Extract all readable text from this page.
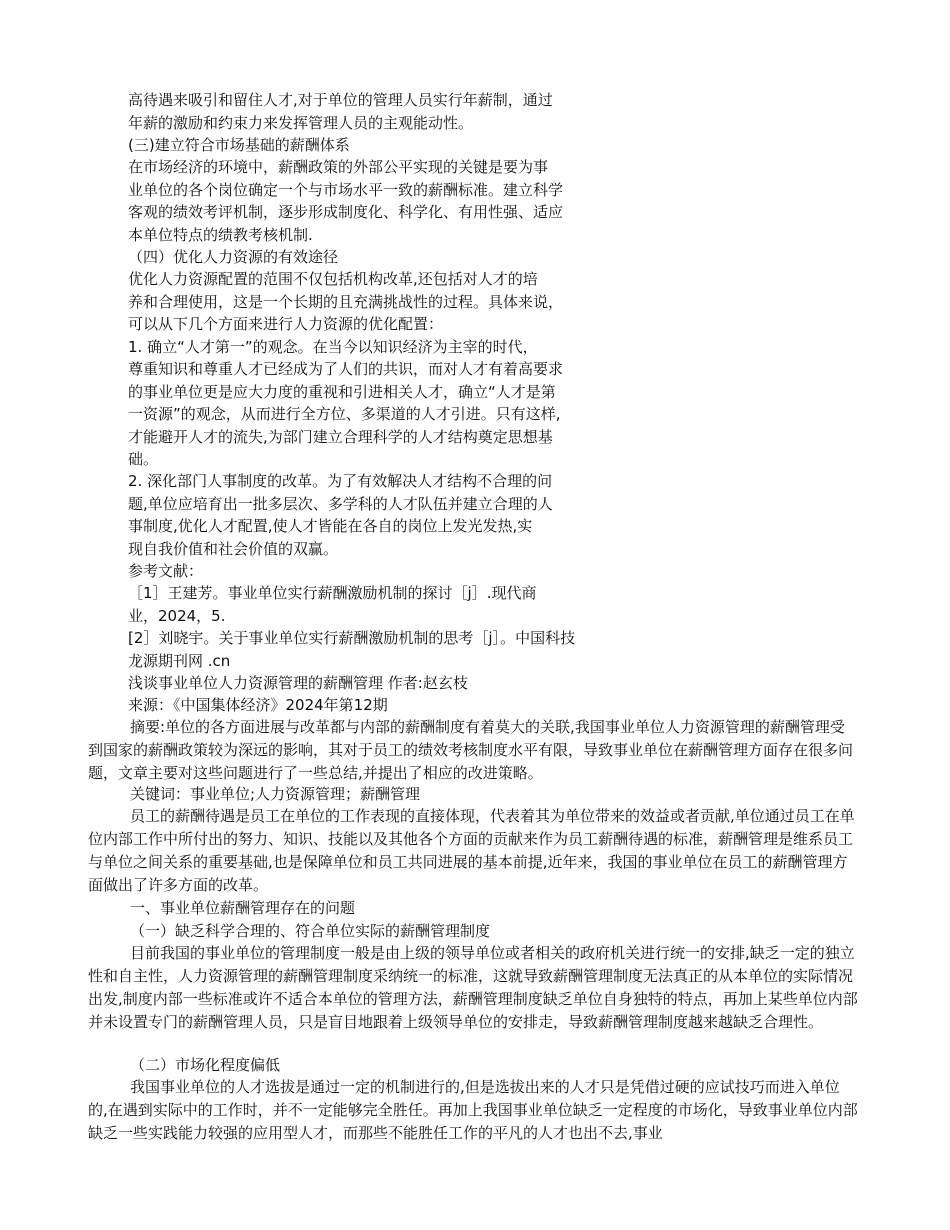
高待遇来吸引和留住人才,对于单位的管理人员实行年薪制，通过
年薪的激励和约束力来发挥管理人员的主观能动性。
(三)建立符合市场基础的薪酬体系
在市场经济的环境中，薪酬政策的外部公平实现的关键是要为事
业单位的各个岗位确定一个与市场水平一致的薪酬标准。建立科学
客观的绩效考评机制，逐步形成制度化、科学化、有用性强、适应
本单位特点的绩教考核机制.
（四）优化人力资源的有效途径
优化人力资源配置的范围不仅包括机构改革,还包括对人才的培
养和合理使用，这是一个长期的且充满挑战性的过程。具体来说，
可以从下几个方面来进行人力资源的优化配置：
1. 确立“人才第一”的观念。在当今以知识经济为主宰的时代，
尊重知识和尊重人才已经成为了人们的共识，而对人才有着高要求
的事业单位更是应大力度的重视和引进相关人才，确立“人才是第
一资源”的观念，从而进行全方位、多渠道的人才引进。只有这样,
才能避开人才的流失,为部门建立合理科学的人才结构奠定思想基
础。
2. 深化部门人事制度的改革。为了有效解决人才结构不合理的问
题,单位应培育出一批多层次、多学科的人才队伍并建立合理的人
事制度,优化人才配置,使人才皆能在各自的岗位上发光发热,实
现自我价值和社会价值的双赢。
参考文献：
［1］王建芳。事业单位实行薪酬激励机制的探讨［j］.现代商
业，2024，5.
[2］刘晓宇。关于事业单位实行薪酬激励机制的思考［j］。中国科技
龙源期刊网 .cn
浅谈事业单位人力资源管理的薪酬管理 作者:赵玄枝
来源：《中国集体经济》2024年第12期
摘要:单位的各方面进展与改革都与内部的薪酬制度有着莫大的关联,我国事业单位人力资源管理的薪酬管理受到国家的薪酬政策较为深远的影响，其对于员工的绩效考核制度水平有限，导致事业单位在薪酬管理方面存在很多问题，文章主要对这些问题进行了一些总结,并提出了相应的改进策略。
关键词：事业单位;人力资源管理；薪酬管理
员工的薪酬待遇是员工在单位的工作表现的直接体现，代表着其为单位带来的效益或者贡献,单位通过员工在单位内部工作中所付出的努力、知识、技能以及其他各个方面的贡献来作为员工薪酬待遇的标准，薪酬管理是维系员工与单位之间关系的重要基础,也是保障单位和员工共同进展的基本前提,近年来，我国的事业单位在员工的薪酬管理方面做出了许多方面的改革。
一、事业单位薪酬管理存在的问题
（一）缺乏科学合理的、符合单位实际的薪酬管理制度
目前我国的事业单位的管理制度一般是由上级的领导单位或者相关的政府机关进行统一的安排,缺乏一定的独立性和自主性，人力资源管理的薪酬管理制度采纳统一的标准，这就导致薪酬管理制度无法真正的从本单位的实际情况出发,制度内部一些标准或许不适合本单位的管理方法，薪酬管理制度缺乏单位自身独特的特点，再加上某些单位内部并未设置专门的薪酬管理人员，只是盲目地跟着上级领导单位的安排走，导致薪酬管理制度越来越缺乏合理性。
（二）市场化程度偏低
我国事业单位的人才选拔是通过一定的机制进行的,但是选拔出来的人才只是凭借过硬的应试技巧而进入单位的,在遇到实际中的工作时，并不一定能够完全胜任。再加上我国事业单位缺乏一定程度的市场化，导致事业单位内部缺乏一些实践能力较强的应用型人才，而那些不能胜任工作的平凡的人才也出不去,事业
